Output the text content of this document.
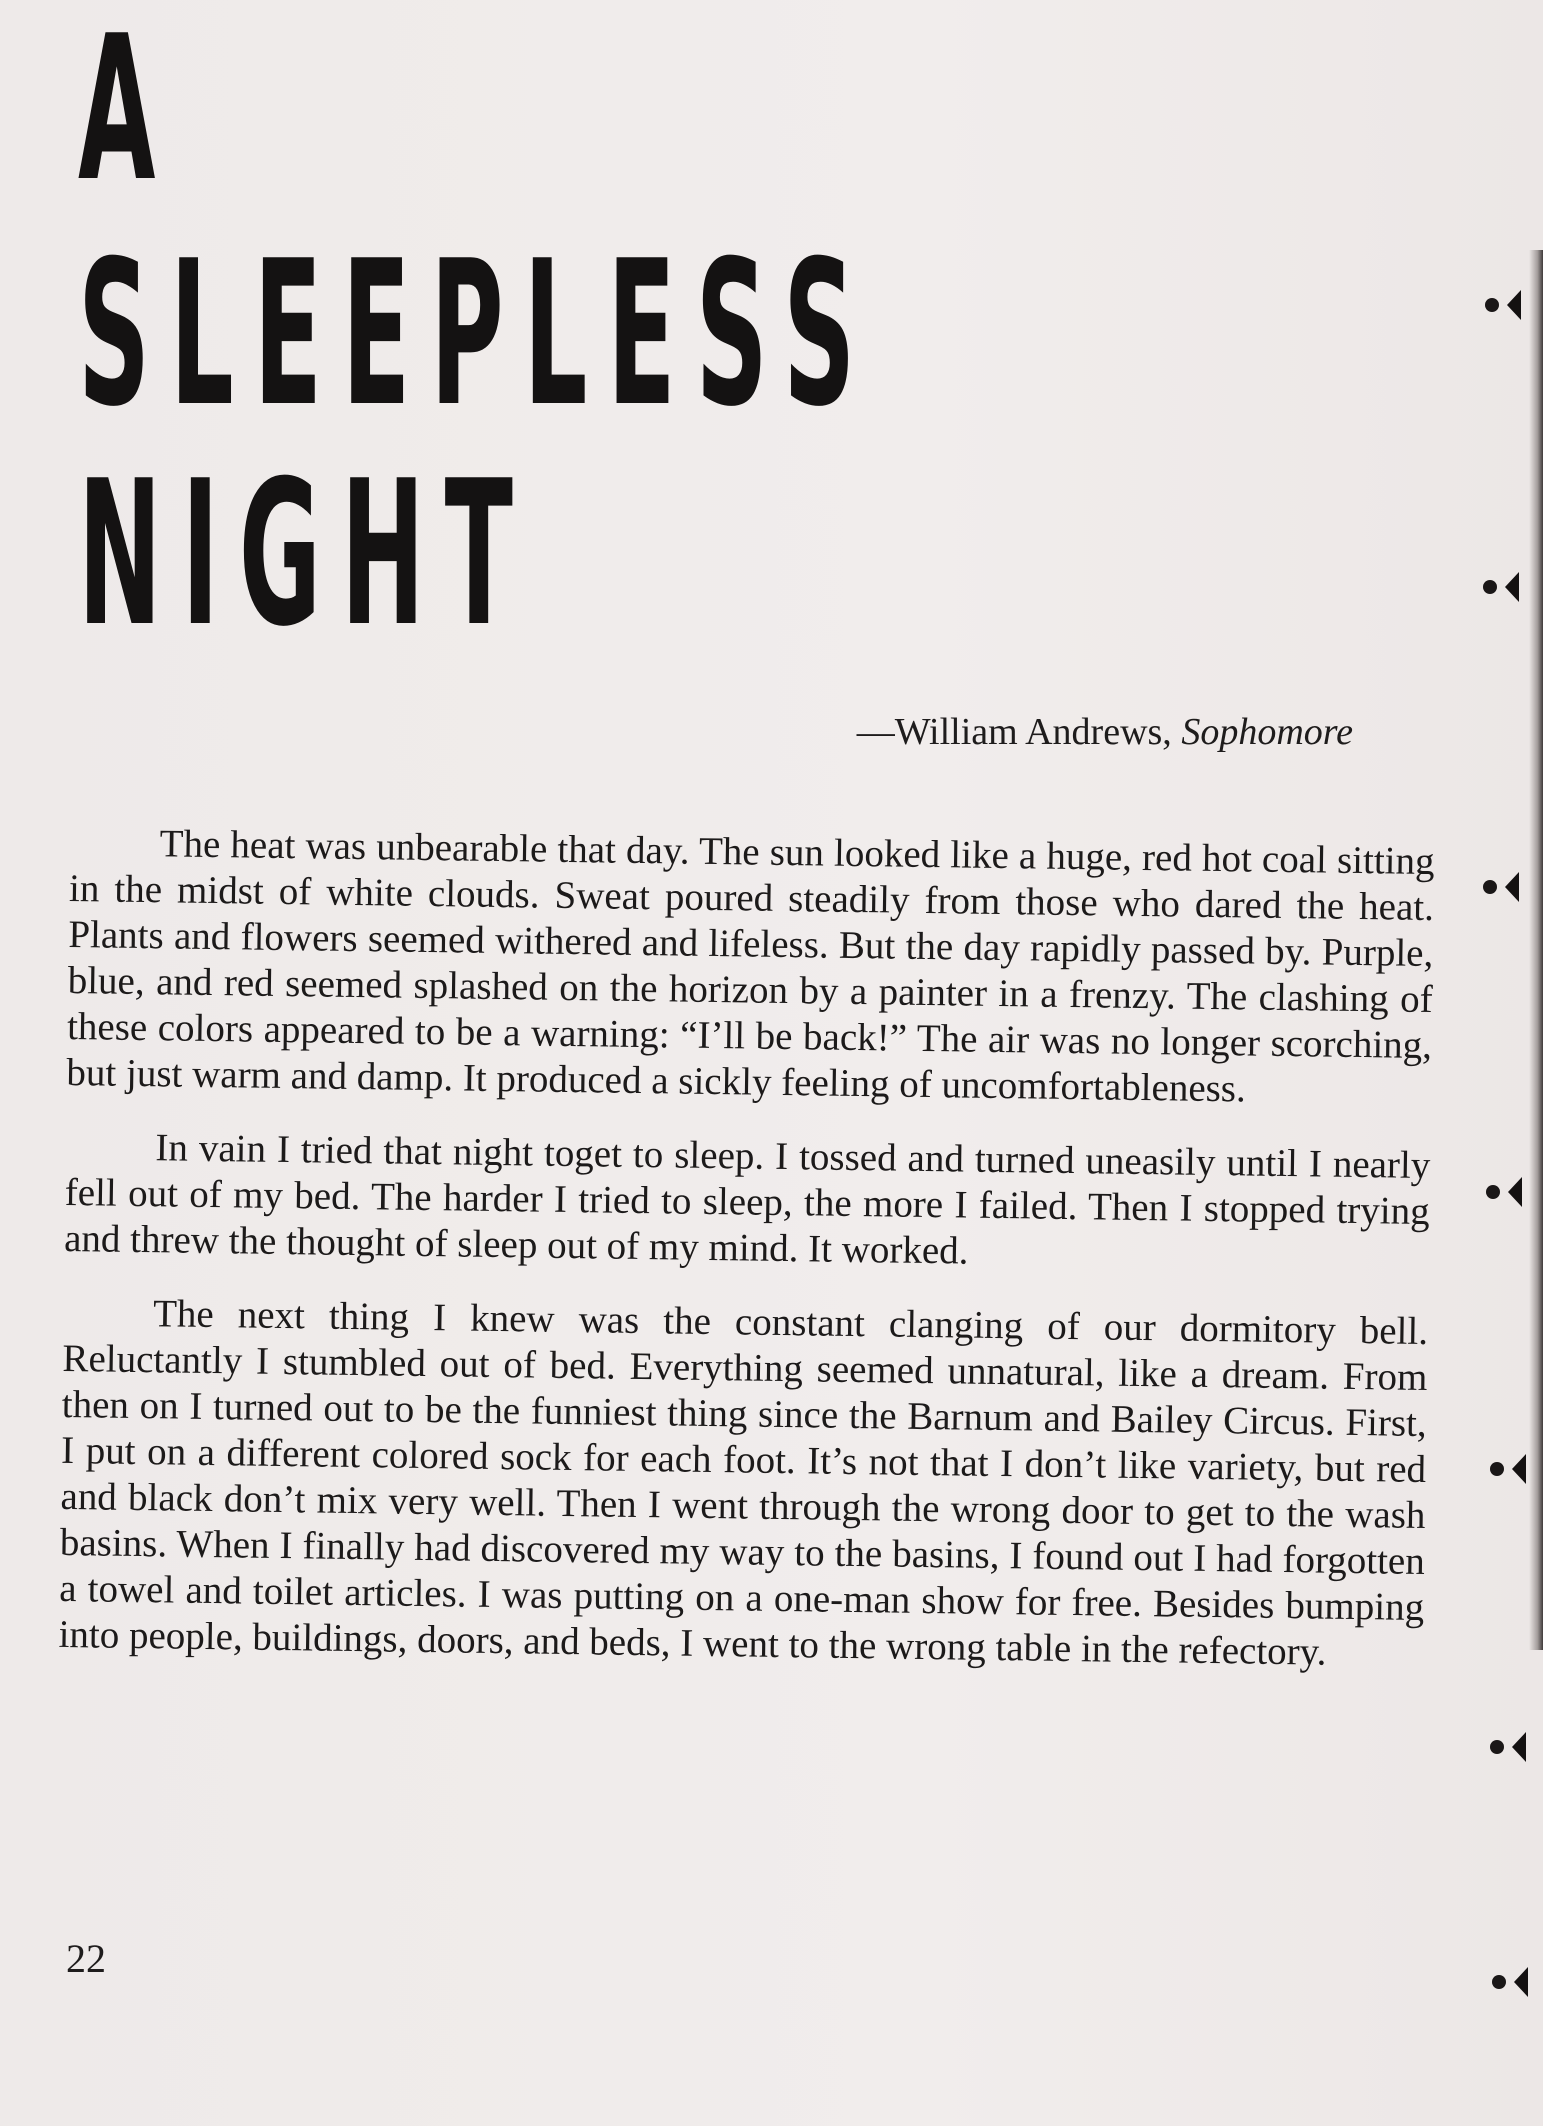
A
SLEEPLESS
NIGHT
—William Andrews, Sophomore

The heat was unbearable that day. The sun looked like a huge, red hot coal sitting in the midst of white clouds. Sweat poured steadily from those who dared the heat. Plants and flowers seemed withered and lifeless. But the day rapidly passed by. Purple, blue, and red seemed splashed on the horizon by a painter in a frenzy. The clashing of these colors appeared to be a warning: “I’ll be back!” The air was no longer scorching, but just warm and damp. It produced a sickly feeling of uncomfortableness.

In vain I tried that night toget to sleep. I tossed and turned uneasily until I nearly fell out of my bed. The harder I tried to sleep, the more I failed. Then I stopped trying and threw the thought of sleep out of my mind. It worked.

The next thing I knew was the constant clanging of our dormitory bell. Reluctantly I stumbled out of bed. Everything seemed unnatural, like a dream. From then on I turned out to be the funniest thing since the Barnum and Bailey Circus. First, I put on a different colored sock for each foot. It’s not that I don’t like variety, but red and black don’t mix very well. Then I went through the wrong door to get to the wash basins. When I finally had discovered my way to the basins, I found out I had forgotten a towel and toilet articles. I was putting on a one-man show for free. Besides bumping into people, buildings, doors, and beds, I went to the wrong table in the refectory.

22
